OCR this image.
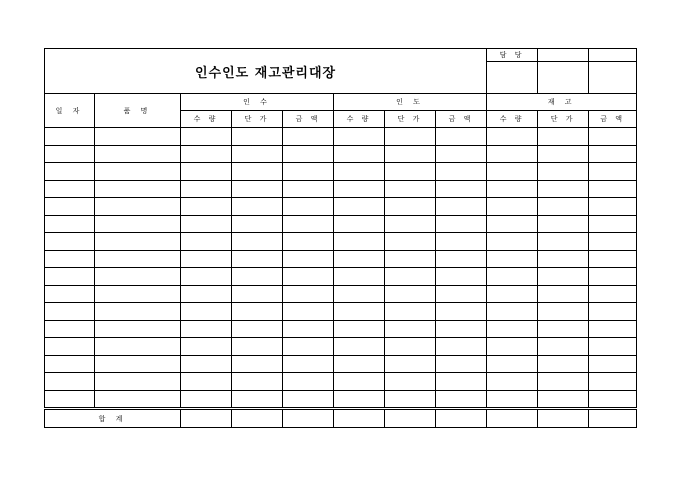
인수인도 재고관리대장								담 당		

일 자	품 명	인 수			인 도			재 고		
		수 량	단 가	금 액	수 량	단 가	금 액	수 량	단 가	금 액

합 계										
